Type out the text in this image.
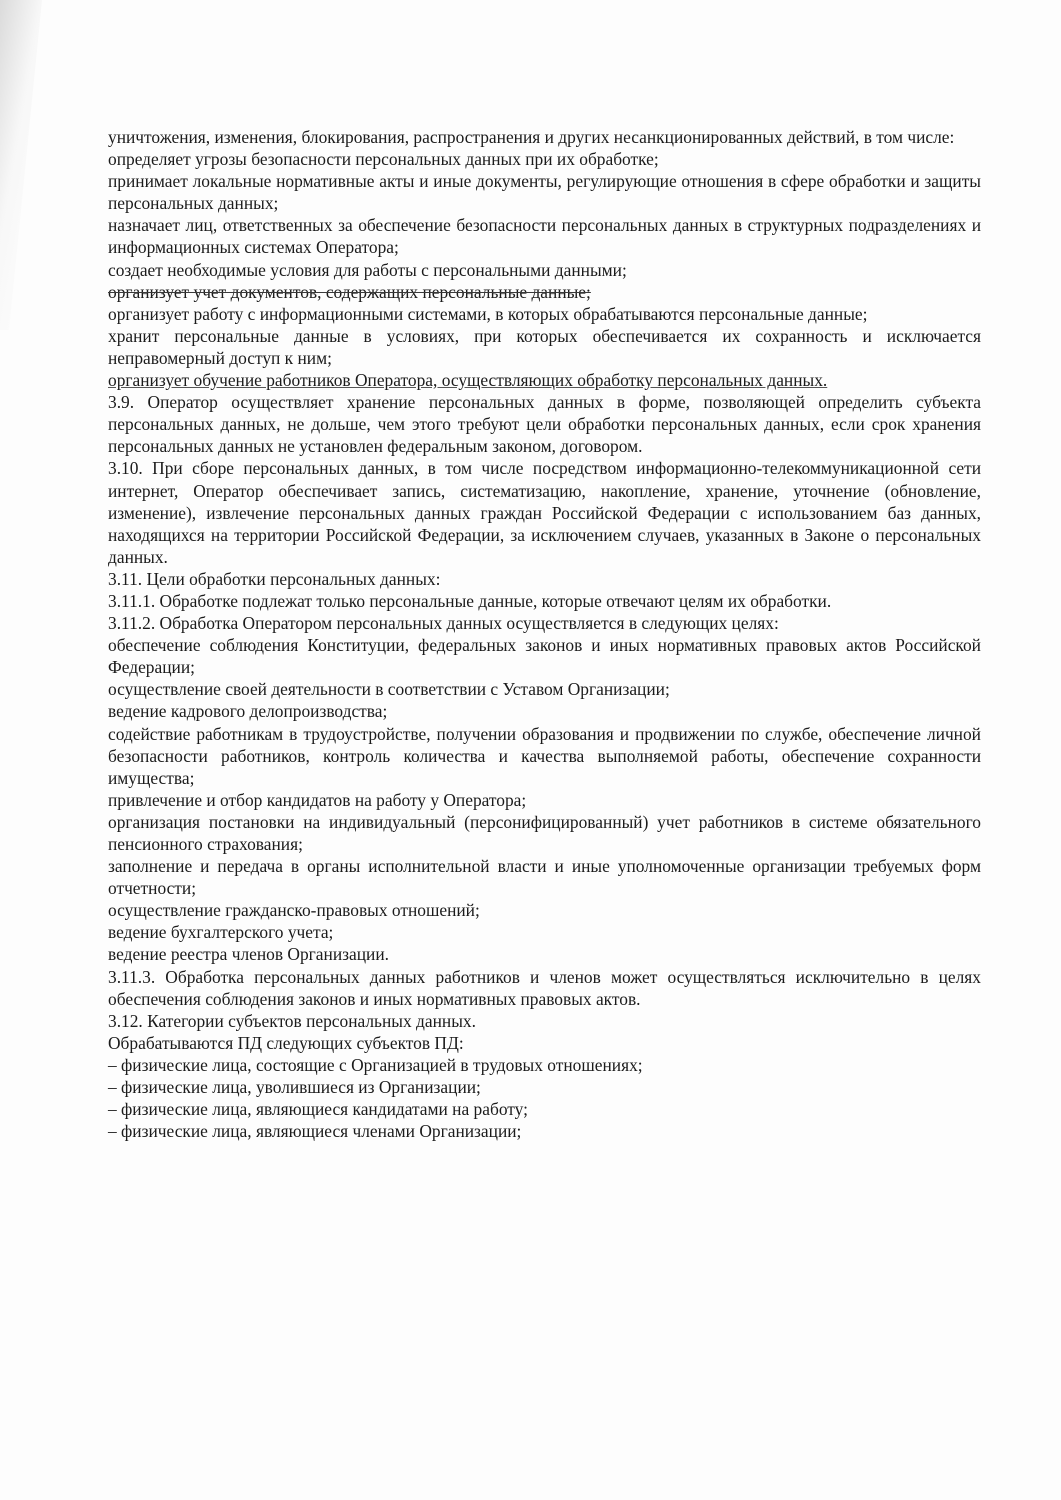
уничтожения, изменения, блокирования, распространения и других несанкционированных действий, в том числе:

определяет угрозы безопасности персональных данных при их обработке;

принимает локальные нормативные акты и иные документы, регулирующие отношения в сфере обработки и защиты персональных данных;

назначает лиц, ответственных за обеспечение безопасности персональных данных в структурных подразделениях и информационных системах Оператора;

создает необходимые условия для работы с персональными данными;

организует учет документов, содержащих персональные данные;

организует работу с информационными системами, в которых обрабатываются персональные данные;

хранит персональные данные в условиях, при которых обеспечивается их сохранность и исключается неправомерный доступ к ним;

организует обучение работников Оператора, осуществляющих обработку персональных данных.

3.9. Оператор осуществляет хранение персональных данных в форме, позволяющей определить субъекта персональных данных, не дольше, чем этого требуют цели обработки персональных данных, если срок хранения персональных данных не установлен федеральным законом, договором.

3.10. При сборе персональных данных, в том числе посредством информационно-телекоммуникационной сети интернет, Оператор обеспечивает запись, систематизацию, накопление, хранение, уточнение (обновление, изменение), извлечение персональных данных граждан Российской Федерации с использованием баз данных, находящихся на территории Российской Федерации, за исключением случаев, указанных в Законе о персональных данных.

3.11. Цели обработки персональных данных:

3.11.1. Обработке подлежат только персональные данные, которые отвечают целям их обработки.

3.11.2. Обработка Оператором персональных данных осуществляется в следующих целях:

обеспечение соблюдения Конституции, федеральных законов и иных нормативных правовых актов Российской Федерации;

осуществление своей деятельности в соответствии с Уставом Организации;

ведение кадрового делопроизводства;

содействие работникам в трудоустройстве, получении образования и продвижении по службе, обеспечение личной безопасности работников, контроль количества и качества выполняемой работы, обеспечение сохранности имущества;

привлечение и отбор кандидатов на работу у Оператора;

организация постановки на индивидуальный (персонифицированный) учет работников в системе обязательного пенсионного страхования;

заполнение и передача в органы исполнительной власти и иные уполномоченные организации требуемых форм отчетности;

осуществление гражданско-правовых отношений;

ведение бухгалтерского учета;

ведение реестра членов Организации.

3.11.3. Обработка персональных данных работников и членов может осуществляться исключительно в целях обеспечения соблюдения законов и иных нормативных правовых актов.

3.12. Категории субъектов персональных данных.

Обрабатываются ПД следующих субъектов ПД:

– физические лица, состоящие с Организацией в трудовых отношениях;

– физические лица, уволившиеся из Организации;

– физические лица, являющиеся кандидатами на работу;

– физические лица, являющиеся членами Организации;
